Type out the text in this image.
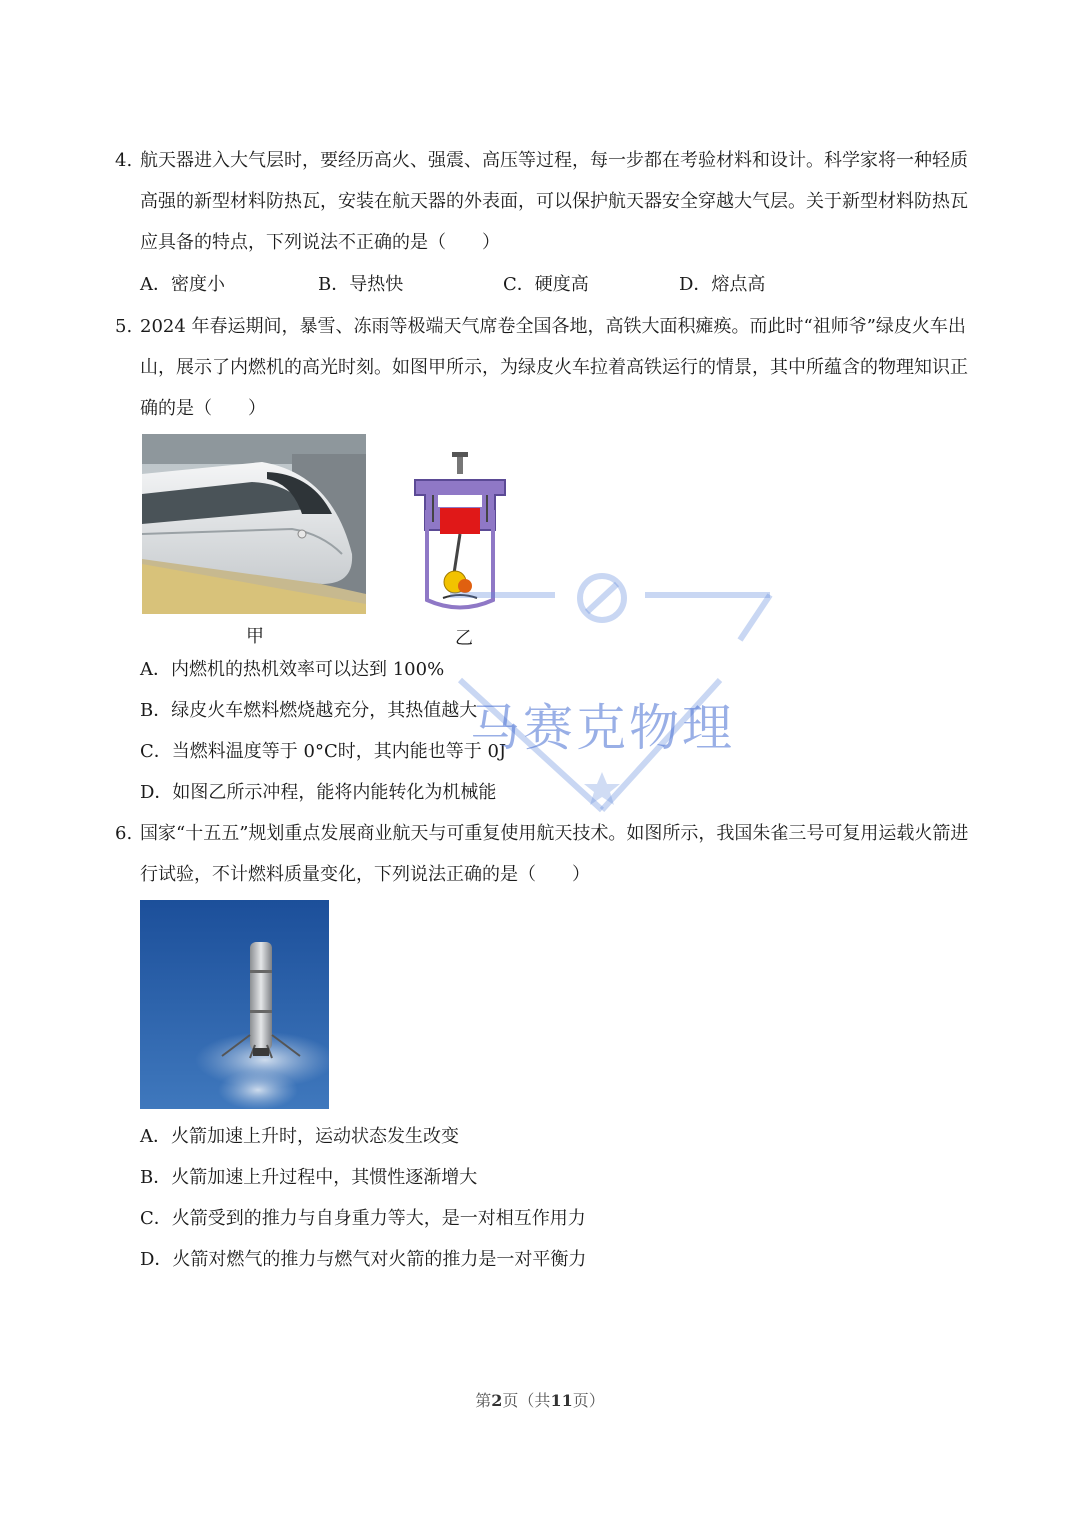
4. 航天器进入大气层时，要经历高火、强震、高压等过程，每一步都在考验材料和设计。科学家将一种轻质高强的新型材料防热瓦，安装在航天器的外表面，可以保护航天器安全穿越大气层。关于新型材料防热瓦应具备的特点，下列说法不正确的是（　　）
A．密度小	B．导热快	C．硬度高	D．熔点高
5. 2024 年春运期间，暴雪、冻雨等极端天气席卷全国各地，高铁大面积瘫痪。而此时“祖师爷”绿皮火车出山，展示了内燃机的高光时刻。如图甲所示，为绿皮火车拉着高铁运行的情景，其中所蕴含的物理知识正确的是（　　）
甲	乙
A．内燃机的热机效率可以达到 100%
B．绿皮火车燃料燃烧越充分，其热值越大
C．当燃料温度等于 0°C时，其内能也等于 0J
D．如图乙所示冲程，能将内能转化为机械能
6. 国家“十五五”规划重点发展商业航天与可重复使用航天技术。如图所示，我国朱雀三号可复用运载火箭进行试验，不计燃料质量变化，下列说法正确的是（　　）
A．火箭加速上升时，运动状态发生改变
B．火箭加速上升过程中，其惯性逐渐增大
C．火箭受到的推力与自身重力等大，是一对相互作用力
D．火箭对燃气的推力与燃气对火箭的推力是一对平衡力
马赛克物理
第2页（共11页）
